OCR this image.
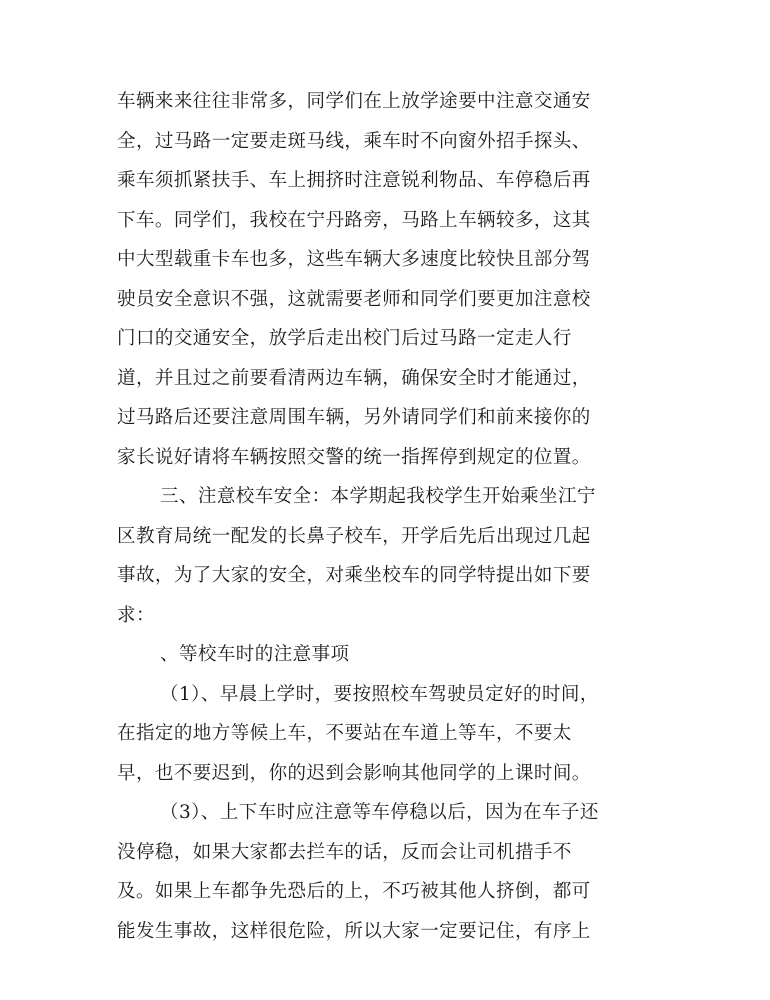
车辆来来往往非常多，同学们在上放学途要中注意交通安
全，过马路一定要走斑马线，乘车时不向窗外招手探头、
乘车须抓紧扶手、车上拥挤时注意锐利物品、车停稳后再
下车。同学们，我校在宁丹路旁，马路上车辆较多，这其
中大型载重卡车也多，这些车辆大多速度比较快且部分驾
驶员安全意识不强，这就需要老师和同学们要更加注意校
门口的交通安全，放学后走出校门后过马路一定走人行
道，并且过之前要看清两边车辆，确保安全时才能通过，
过马路后还要注意周围车辆，另外请同学们和前来接你的
家长说好请将车辆按照交警的统一指挥停到规定的位置。
三、注意校车安全：本学期起我校学生开始乘坐江宁
区教育局统一配发的长鼻子校车，开学后先后出现过几起
事故，为了大家的安全，对乘坐校车的同学特提出如下要
求：
、等校车时的注意事项
（1）、早晨上学时，要按照校车驾驶员定好的时间，
在指定的地方等候上车，不要站在车道上等车，不要太
早，也不要迟到，你的迟到会影响其他同学的上课时间。
（3）、上下车时应注意等车停稳以后，因为在车子还
没停稳，如果大家都去拦车的话，反而会让司机措手不
及。如果上车都争先恐后的上，不巧被其他人挤倒，都可
能发生事故，这样很危险，所以大家一定要记住，有序上
